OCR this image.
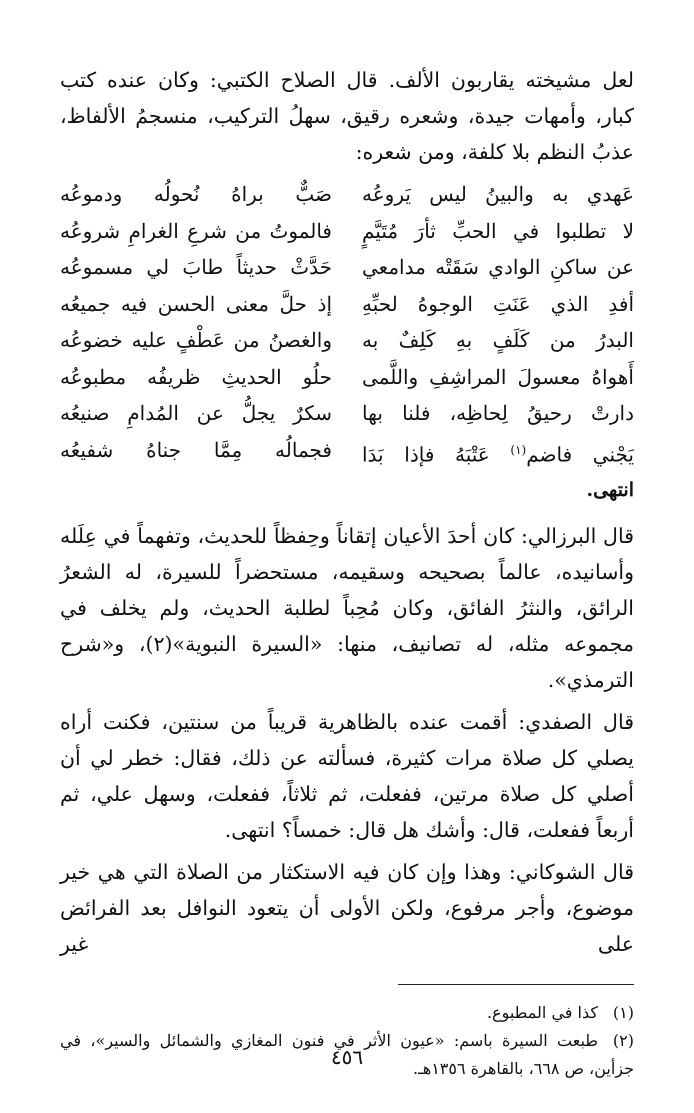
لعل مشيخته يقاربون الألف. قال الصلاح الكتبي: وكان عنده كتب كبار، وأمهات جيدة، وشعره رقيق، سهلُ التركيب، منسجمُ الألفاظ، عذبُ النظم بلا كلفة، ومن شعره:

عَهدي به والبينُ ليس يَروعُه
لا تطلبوا في الحبِّ ثأرَ مُتَيَّمٍ
عن ساكنِ الوادي سَقَتْه مدامعي
أفدِ الذي عَنَتِ الوجوهُ لحبِّهِ
البدرُ من كَلَفٍ بهِ كَلِفٌ به
أَهواهُ معسولَ المراشِفِ واللَّمى
دارتْ رحيقُ لِحاظِه، فلنا بها
يَجْني فاضم$^{(١)}$ عَتْبَهُ فإذا بَدَا
صَبٌّ براهُ نُحولُه ودموعُه
فالموتُ من شرعِ الغرامِ شروعُه
حَدَّثْ حديثاً طابَ لي مسموعُه
إذ حلَّ معنى الحسن فيه جميعُه
والغصنُ من عَطْفٍ عليه خضوعُه
حلُو الحديثِ ظريفُه مطبوعُه
سكرٌ يجلُّ عن المُدامِ صنيعُه
فجمالُه مِمَّا جناهُ شفيعُه
انتهى.

قال البرزالي: كان أحدَ الأعيان إتقاناً وحِفظاً للحديث، وتفهماً في عِلَله وأسانيده، عالماً بصحيحه وسقيمه، مستحضراً للسيرة، له الشعرُ الرائق، والنثرُ الفائق، وكان مُحِباً لطلبة الحديث، ولم يخلف في مجموعه مثله، له تصانيف، منها: «السيرة النبوية»(٢)، و«شرح الترمذي».

قال الصفدي: أقمت عنده بالظاهرية قريباً من سنتين، فكنت أراه يصلي كل صلاة مرات كثيرة، فسألته عن ذلك، فقال: خطر لي أن أصلي كل صلاة مرتين، ففعلت، ثم ثلاثاً، ففعلت، وسهل علي، ثم أربعاً ففعلت، قال: وأشك هل قال: خمساً؟ انتهى.

قال الشوكاني: وهذا وإن كان فيه الاستكثار من الصلاة التي هي خير موضوع، وأجر مرفوع، ولكن الأولى أن يتعود النوافل بعد الفرائض على غير

(١)كذا في المطبوع.

(٢)طبعت السيرة باسم: «عيون الأثر في فنون المغازي والشمائل والسير»، في جزأين، ص ٦٦٨، بالقاهرة ١٣٥٦هـ.

٤٥٦
